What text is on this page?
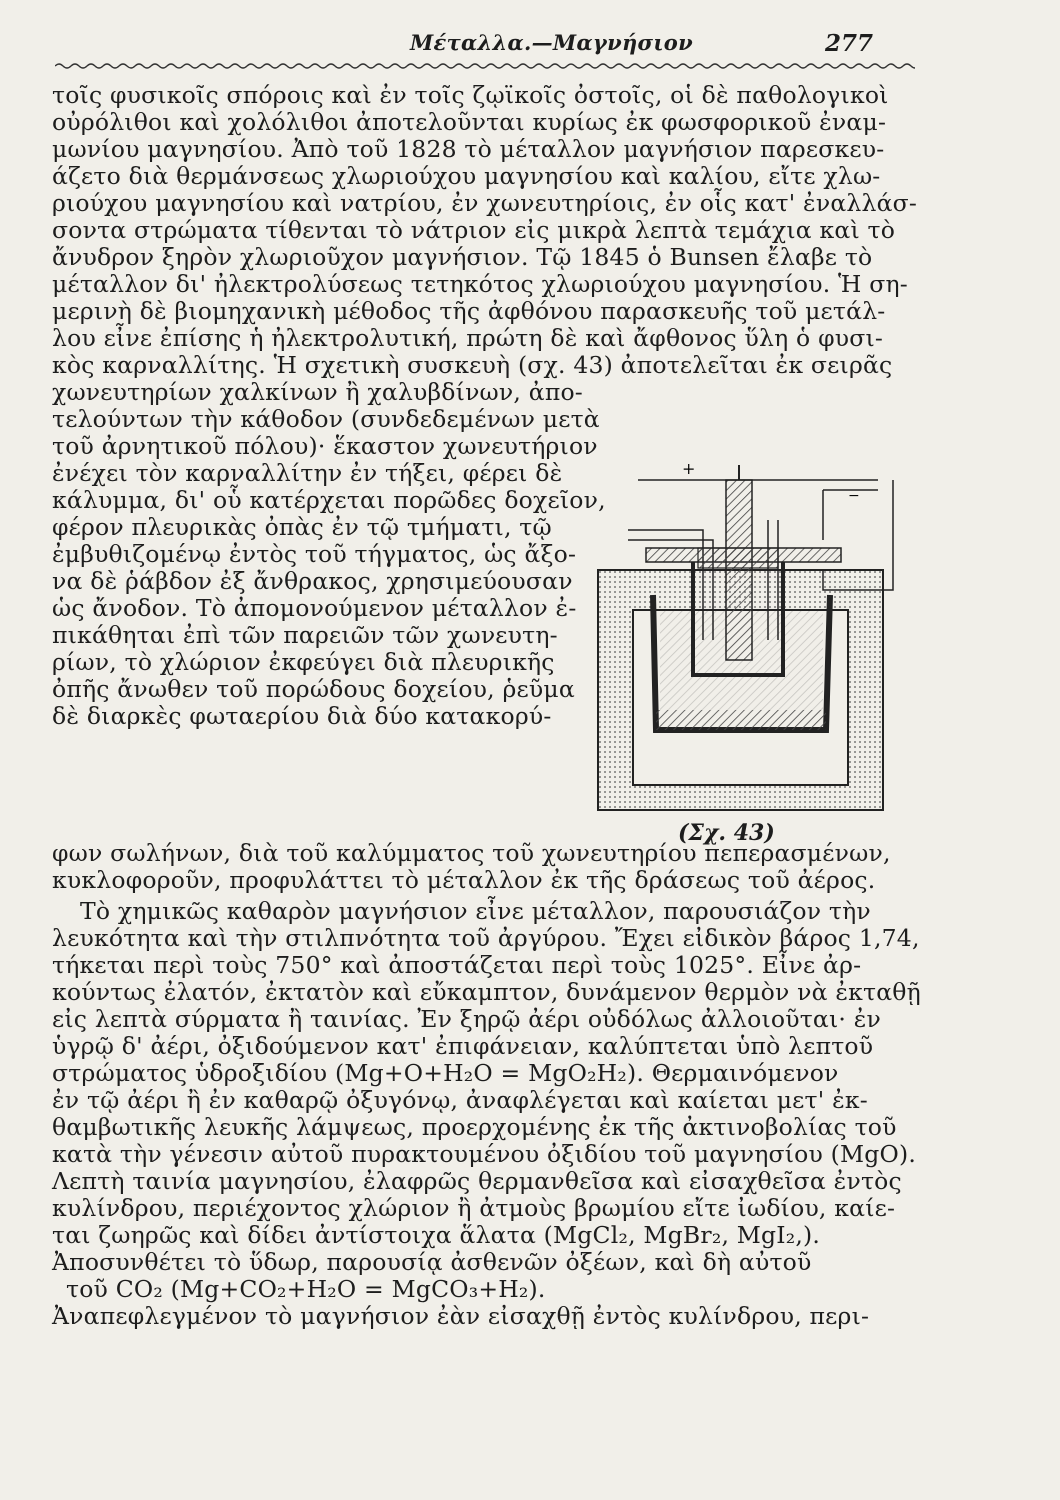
Μέταλλα.—Μαγνήσιον	277
τοῖς φυσικοῖς σπόροις καὶ ἐν τοῖς ζῳϊκοῖς ὀστοῖς, οἱ δὲ παθολογικοὶ
οὐρόλιθοι καὶ χολόλιθοι ἀποτελοῦνται κυρίως ἐκ φωσφορικοῦ ἐναμ-
μωνίου μαγνησίου. Ἀπὸ τοῦ 1828 τὸ μέταλλον μαγνήσιον παρεσκευ-
άζετο διὰ θερμάνσεως χλωριούχου μαγνησίου καὶ καλίου, εἴτε χλω-
ριούχου μαγνησίου καὶ νατρίου, ἐν χωνευτηρίοις, ἐν οἷς κατ' ἐναλλάσ-
σοντα στρώματα τίθενται τὸ νάτριον εἰς μικρὰ λεπτὰ τεμάχια καὶ τὸ
ἄνυδρον ξηρὸν χλωριοῦχον μαγνήσιον. Τῷ 1845 ὁ Bunsen ἔλαβε τὸ
μέταλλον δι' ἠλεκτρολύσεως τετηκότος χλωριούχου μαγνησίου. Ἡ ση-
μερινὴ δὲ βιομηχανικὴ μέθοδος τῆς ἀφθόνου παρασκευῆς τοῦ μετάλ-
λου εἶνε ἐπίσης ἡ ἠλεκτρολυτική, πρώτη δὲ καὶ ἄφθονος ὕλη ὁ φυσι-
κὸς καρναλλίτης. Ἡ σχετικὴ συσκευὴ (σχ. 43) ἀποτελεῖται ἐκ σειρᾶς
χωνευτηρίων χαλκίνων ἢ χαλυβδίνων, ἀπο-
τελούντων τὴν κάθοδον (συνδεδεμένων μετὰ
τοῦ ἀρνητικοῦ πόλου)· ἕκαστον χωνευτήριον
ἐνέχει τὸν καρναλλίτην ἐν τήξει, φέρει δὲ
κάλυμμα, δι' οὗ κατέρχεται πορῶδες δοχεῖον,
φέρον πλευρικὰς ὀπὰς ἐν τῷ τμήματι, τῷ
ἐμβυθιζομένῳ ἐντὸς τοῦ τήγματος, ὡς ἄξο-
να δὲ ῥάβδον ἐξ ἄνθρακος, χρησιμεύουσαν
ὡς ἄνοδον. Τὸ ἀπομονούμενον μέταλλον ἐ-
πικάθηται ἐπὶ τῶν παρειῶν τῶν χωνευτη-
ρίων, τὸ χλώριον ἐκφεύγει διὰ πλευρικῆς
ὀπῆς ἄνωθεν τοῦ πορώδους δοχείου, ῥεῦμα
δὲ διαρκὲς φωταερίου διὰ δύο κατακορύ-
φων σωλήνων, διὰ τοῦ καλύμματος τοῦ χωνευτηρίου πεπερασμένων,
κυκλοφοροῦν, προφυλάττει τὸ μέταλλον ἐκ τῆς δράσεως τοῦ ἀέρος.
Τὸ χημικῶς καθαρὸν μαγνήσιον εἶνε μέταλλον, παρουσιάζον τὴν
λευκότητα καὶ τὴν στιλπνότητα τοῦ ἀργύρου. Ἔχει εἰδικὸν βάρος 1,74,
τήκεται περὶ τοὺς 750° καὶ ἀποστάζεται περὶ τοὺς 1025°. Εἶνε ἀρ-
κούντως ἐλατόν, ἐκτατὸν καὶ εὔκαμπτον, δυνάμενον θερμὸν νὰ ἐκταθῇ
εἰς λεπτὰ σύρματα ἢ ταινίας. Ἐν ξηρῷ ἀέρι οὐδόλως ἀλλοιοῦται· ἐν
ὑγρῷ δ' ἀέρι, ὀξιδούμενον κατ' ἐπιφάνειαν, καλύπτεται ὑπὸ λεπτοῦ
στρώματος ὑδροξιδίου (Mg+O+H₂O = MgO₂H₂). Θερμαινόμενον
ἐν τῷ ἀέρι ἢ ἐν καθαρῷ ὀξυγόνῳ, ἀναφλέγεται καὶ καίεται μετ' ἐκ-
θαμβωτικῆς λευκῆς λάμψεως, προερχομένης ἐκ τῆς ἀκτινοβολίας τοῦ
κατὰ τὴν γένεσιν αὐτοῦ πυρακτουμένου ὀξιδίου τοῦ μαγνησίου (MgO).
Λεπτὴ ταινία μαγνησίου, ἐλαφρῶς θερμανθεῖσα καὶ εἰσαχθεῖσα ἐντὸς
κυλίνδρου, περιέχοντος χλώριον ἢ ἀτμοὺς βρωμίου εἴτε ἰωδίου, καίε-
ται ζωηρῶς καὶ δίδει ἀντίστοιχα ἅλατα (MgCl₂, MgBr₂, MgI₂,).
Ἀποσυνθέτει τὸ ὕδωρ, παρουσίᾳ ἀσθενῶν ὀξέων, καὶ δὴ αὐτοῦ
τοῦ CO₂ (Mg+CO₂+H₂O = MgCO₃+H₂).
Ἀναπεφλεγμένον τὸ μαγνήσιον ἐὰν εἰσαχθῇ ἐντὸς κυλίνδρου, περι-
+
−
(Σχ. 43)
